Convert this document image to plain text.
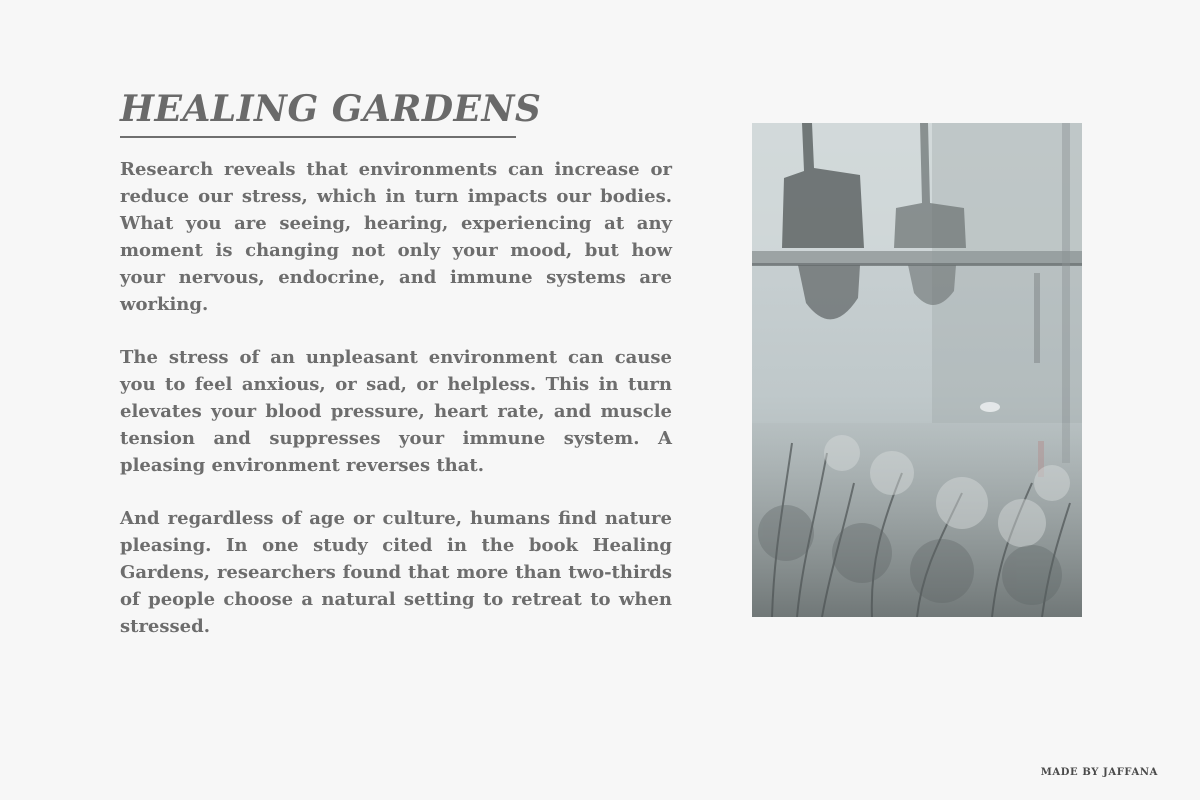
HEALING GARDENS

Research reveals that environments can increase or reduce our stress, which in turn impacts our bodies. What you are seeing, hearing, experiencing at any moment is changing not only your mood, but how your nervous, endocrine, and immune systems are working.

The stress of an unpleasant environment can cause you to feel anxious, or sad, or helpless. This in turn elevates your blood pressure, heart rate, and muscle tension and suppresses your immune system. A pleasing environment reverses that.

And regardless of age or culture, humans find nature pleasing. In one study cited in the book Healing Gardens, researchers found that more than two-thirds of people choose a natural setting to retreat to when stressed.

MADE BY JAFFANA
